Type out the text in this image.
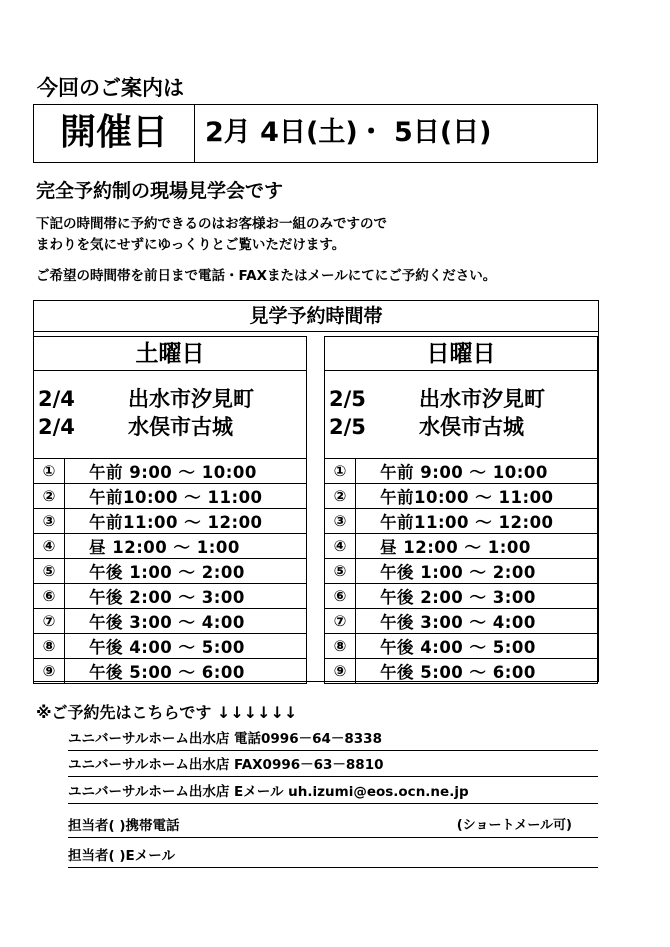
今回のご案内は
開催日	2月 4日(土)・ 5日(日)
完全予約制の現場見学会です
下記の時間帯に予約できるのはお客様お一組のみですので
まわりを気にせずにゆっくりとご覧いただけます。
ご希望の時間帯を前日まで電話・FAXまたはメールにてにご予約ください。
見学予約時間帯
土曜日
2/4	出水市汐見町
2/4	水俣市古城
①	午前 9:00 ～ 10:00
②	午前10:00 ～ 11:00
③	午前11:00 ～ 12:00
④	昼 12:00 ～ 1:00
⑤	午後 1:00 ～ 2:00
⑥	午後 2:00 ～ 3:00
⑦	午後 3:00 ～ 4:00
⑧	午後 4:00 ～ 5:00
⑨	午後 5:00 ～ 6:00
日曜日
2/5	出水市汐見町
2/5	水俣市古城
①	午前 9:00 ～ 10:00
②	午前10:00 ～ 11:00
③	午前11:00 ～ 12:00
④	昼 12:00 ～ 1:00
⑤	午後 1:00 ～ 2:00
⑥	午後 2:00 ～ 3:00
⑦	午後 3:00 ～ 4:00
⑧	午後 4:00 ～ 5:00
⑨	午後 5:00 ～ 6:00
※ご予約先はこちらです ↓↓↓↓↓↓
ユニバーサルホーム出水店 電話0996－64－8338
ユニバーサルホーム出水店 FAX0996－63－8810
ユニバーサルホーム出水店 Eメール uh.izumi@eos.ocn.ne.jp
担当者( )携帯電話	(ショートメール可)
担当者( )Eメール
